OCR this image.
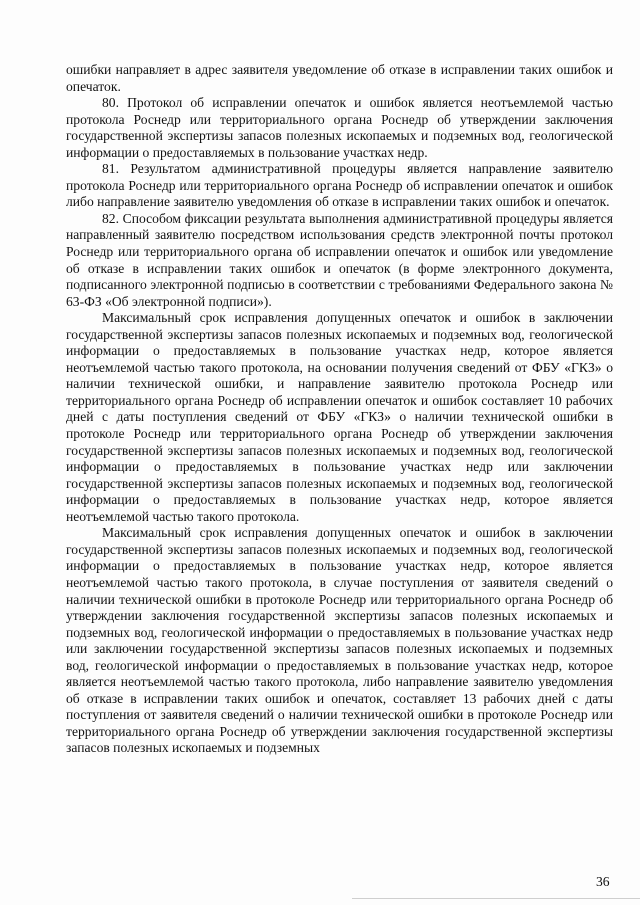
ошибки направляет в адрес заявителя уведомление об отказе в исправлении таких ошибок и опечаток.

80. Протокол об исправлении опечаток и ошибок является неотъемлемой частью протокола Роснедр или территориального органа Роснедр об утверждении заключения государственной экспертизы запасов полезных ископаемых и подземных вод, геологической информации о предоставляемых в пользование участках недр.

81. Результатом административной процедуры является направление заявителю протокола Роснедр или территориального органа Роснедр об исправлении опечаток и ошибок либо направление заявителю уведомления об отказе в исправлении таких ошибок и опечаток.

82. Способом фиксации результата выполнения административной процедуры является направленный заявителю посредством использования средств электронной почты протокол Роснедр или территориального органа об исправлении опечаток и ошибок или уведомление об отказе в исправлении таких ошибок и опечаток (в форме электронного документа, подписанного электронной подписью в соответствии с требованиями Федерального закона № 63-ФЗ «Об электронной подписи»).

Максимальный срок исправления допущенных опечаток и ошибок в заключении государственной экспертизы запасов полезных ископаемых и подземных вод, геологической информации о предоставляемых в пользование участках недр, которое является неотъемлемой частью такого протокола, на основании получения сведений от ФБУ «ГКЗ» о наличии технической ошибки, и направление заявителю протокола Роснедр или территориального органа Роснедр об исправлении опечаток и ошибок составляет 10 рабочих дней с даты поступления сведений от ФБУ «ГКЗ» о наличии технической ошибки в протоколе Роснедр или территориального органа Роснедр об утверждении заключения государственной экспертизы запасов полезных ископаемых и подземных вод, геологической информации о предоставляемых в пользование участках недр или заключении государственной экспертизы запасов полезных ископаемых и подземных вод, геологической информации о предоставляемых в пользование участках недр, которое является неотъемлемой частью такого протокола.

Максимальный срок исправления допущенных опечаток и ошибок в заключении государственной экспертизы запасов полезных ископаемых и подземных вод, геологической информации о предоставляемых в пользование участках недр, которое является неотъемлемой частью такого протокола, в случае поступления от заявителя сведений о наличии технической ошибки в протоколе Роснедр или территориального органа Роснедр об утверждении заключения государственной экспертизы запасов полезных ископаемых и подземных вод, геологической информации о предоставляемых в пользование участках недр или заключении государственной экспертизы запасов полезных ископаемых и подземных вод, геологической информации о предоставляемых в пользование участках недр, которое является неотъемлемой частью такого протокола, либо направление заявителю уведомления об отказе в исправлении таких ошибок и опечаток, составляет 13 рабочих дней с даты поступления от заявителя сведений о наличии технической ошибки в протоколе Роснедр или территориального органа Роснедр об утверждении заключения государственной экспертизы запасов полезных ископаемых и подземных

36
